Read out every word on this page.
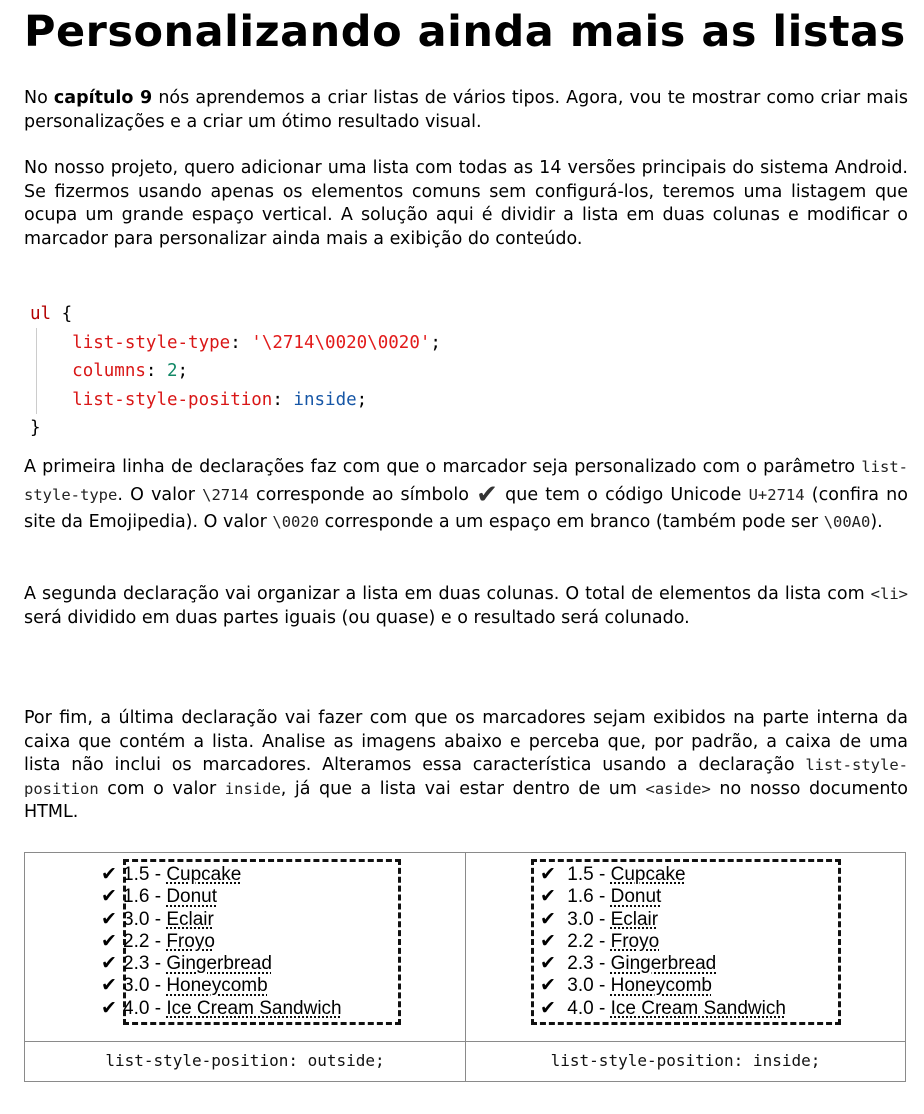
Personalizando ainda mais as listas

No capítulo 9 nós aprendemos a criar listas de vários tipos. Agora, vou te mostrar como criar mais personalizações e a criar um ótimo resultado visual.

No nosso projeto, quero adicionar uma lista com todas as 14 versões principais do sistema Android. Se fizermos usando apenas os elementos comuns sem configurá-los, teremos uma listagem que ocupa um grande espaço vertical. A solução aqui é dividir a lista em duas colunas e modificar o marcador para personalizar ainda mais a exibição do conteúdo.

ul {
list-style-type: '\2714\0020\0020';
columns: 2;
list-style-position: inside;
}

A primeira linha de declarações faz com que o marcador seja personalizado com o parâmetro list-style-type. O valor \2714 corresponde ao símbolo ✔ que tem o código Unicode U+2714 (confira no site da Emojipedia). O valor \0020 corresponde a um espaço em branco (também pode ser \00A0).

A segunda declaração vai organizar a lista em duas colunas. O total de elementos da lista com <li> será dividido em duas partes iguais (ou quase) e o resultado será colunado.

Por fim, a última declaração vai fazer com que os marcadores sejam exibidos na parte interna da caixa que contém a lista. Analise as imagens abaixo e perceba que, por padrão, a caixa de uma lista não inclui os marcadores. Alteramos essa característica usando a declaração list-style-position com o valor inside, já que a lista vai estar dentro de um <aside> no nosso documento HTML.

✔ 1.5 - Cupcake
✔ 1.6 - Donut
✔ 3.0 - Eclair
✔ 2.2 - Froyo
✔ 2.3 - Gingerbread
✔ 3.0 - Honeycomb
✔ 4.0 - Ice Cream Sandwich
list-style-position: outside;
✔ 1.5 - Cupcake
✔ 1.6 - Donut
✔ 3.0 - Eclair
✔ 2.2 - Froyo
✔ 2.3 - Gingerbread
✔ 3.0 - Honeycomb
✔ 4.0 - Ice Cream Sandwich
list-style-position: inside;
